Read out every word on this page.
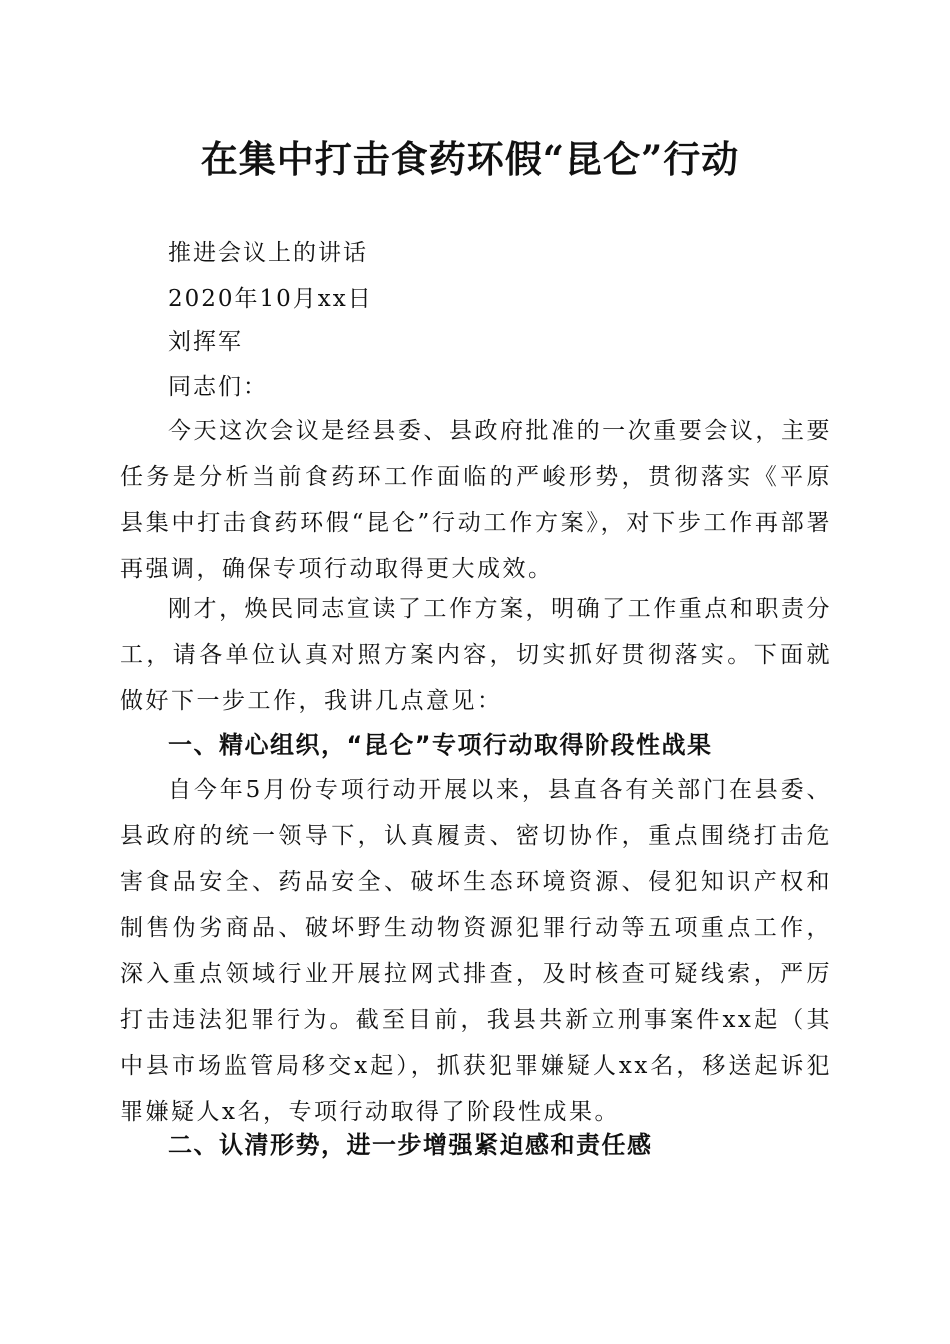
在集中打击食药环假“昆仑”行动
推进会议上的讲话
2020年10月xx日
刘挥军
同志们：

今天这次会议是经县委、县政府批准的一次重要会议，主要任务是分析当前食药环工作面临的严峻形势，贯彻落实《平原县集中打击食药环假“昆仑”行动工作方案》，对下步工作再部署再强调，确保专项行动取得更大成效。

刚才，焕民同志宣读了工作方案，明确了工作重点和职责分工，请各单位认真对照方案内容，切实抓好贯彻落实。下面就做好下一步工作，我讲几点意见：

一、精心组织，“昆仑”专项行动取得阶段性战果

自今年5月份专项行动开展以来，县直各有关部门在县委、县政府的统一领导下，认真履责、密切协作，重点围绕打击危害食品安全、药品安全、破坏生态环境资源、侵犯知识产权和制售伪劣商品、破坏野生动物资源犯罪行动等五项重点工作，深入重点领域行业开展拉网式排查，及时核查可疑线索，严厉打击违法犯罪行为。截至目前，我县共新立刑事案件xx起（其中县市场监管局移交x起），抓获犯罪嫌疑人xx名，移送起诉犯罪嫌疑人x名，专项行动取得了阶段性成果。

二、认清形势，进一步增强紧迫感和责任感
